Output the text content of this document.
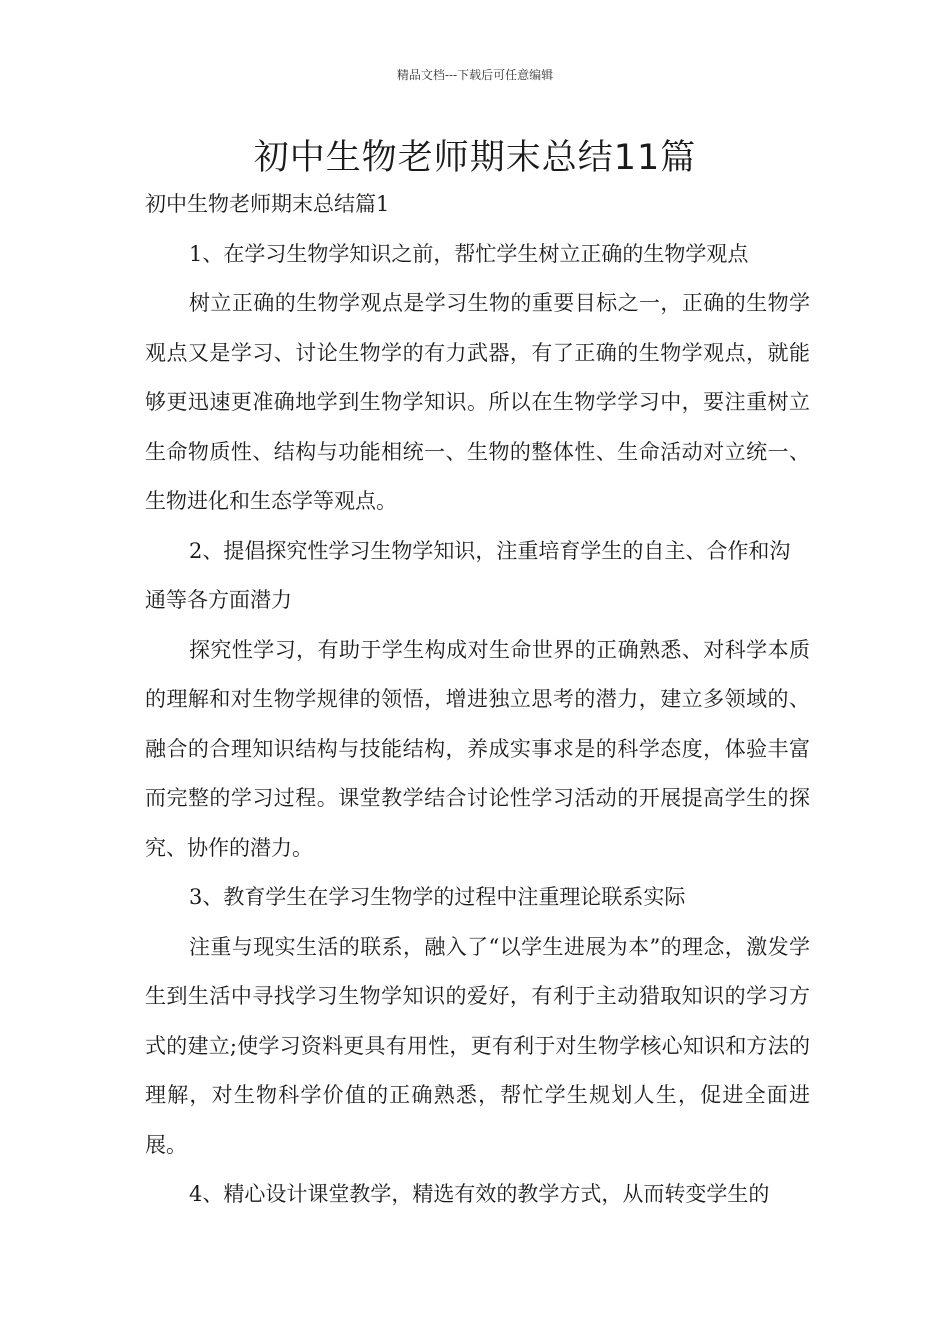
精品文档---下载后可任意编辑
初中生物老师期末总结11篇

初中生物老师期末总结篇1

1、在学习生物学知识之前，帮忙学生树立正确的生物学观点

树立正确的生物学观点是学习生物的重要目标之一，正确的生物学观点又是学习、讨论生物学的有力武器，有了正确的生物学观点，就能够更迅速更准确地学到生物学知识。所以在生物学学习中，要注重树立生命物质性、结构与功能相统一、生物的整体性、生命活动对立统一、生物进化和生态学等观点。

2、提倡探究性学习生物学知识，注重培育学生的自主、合作和沟通等各方面潜力

探究性学习，有助于学生构成对生命世界的正确熟悉、对科学本质的理解和对生物学规律的领悟，增进独立思考的潜力，建立多领域的、融合的合理知识结构与技能结构，养成实事求是的科学态度，体验丰富而完整的学习过程。课堂教学结合讨论性学习活动的开展提高学生的探究、协作的潜力。

3、教育学生在学习生物学的过程中注重理论联系实际

注重与现实生活的联系，融入了“以学生进展为本”的理念，激发学生到生活中寻找学习生物学知识的爱好，有利于主动猎取知识的学习方式的建立;使学习资料更具有用性，更有利于对生物学核心知识和方法的理解，对生物科学价值的正确熟悉，帮忙学生规划人生，促进全面进展。

4、精心设计课堂教学，精选有效的教学方式，从而转变学生的
